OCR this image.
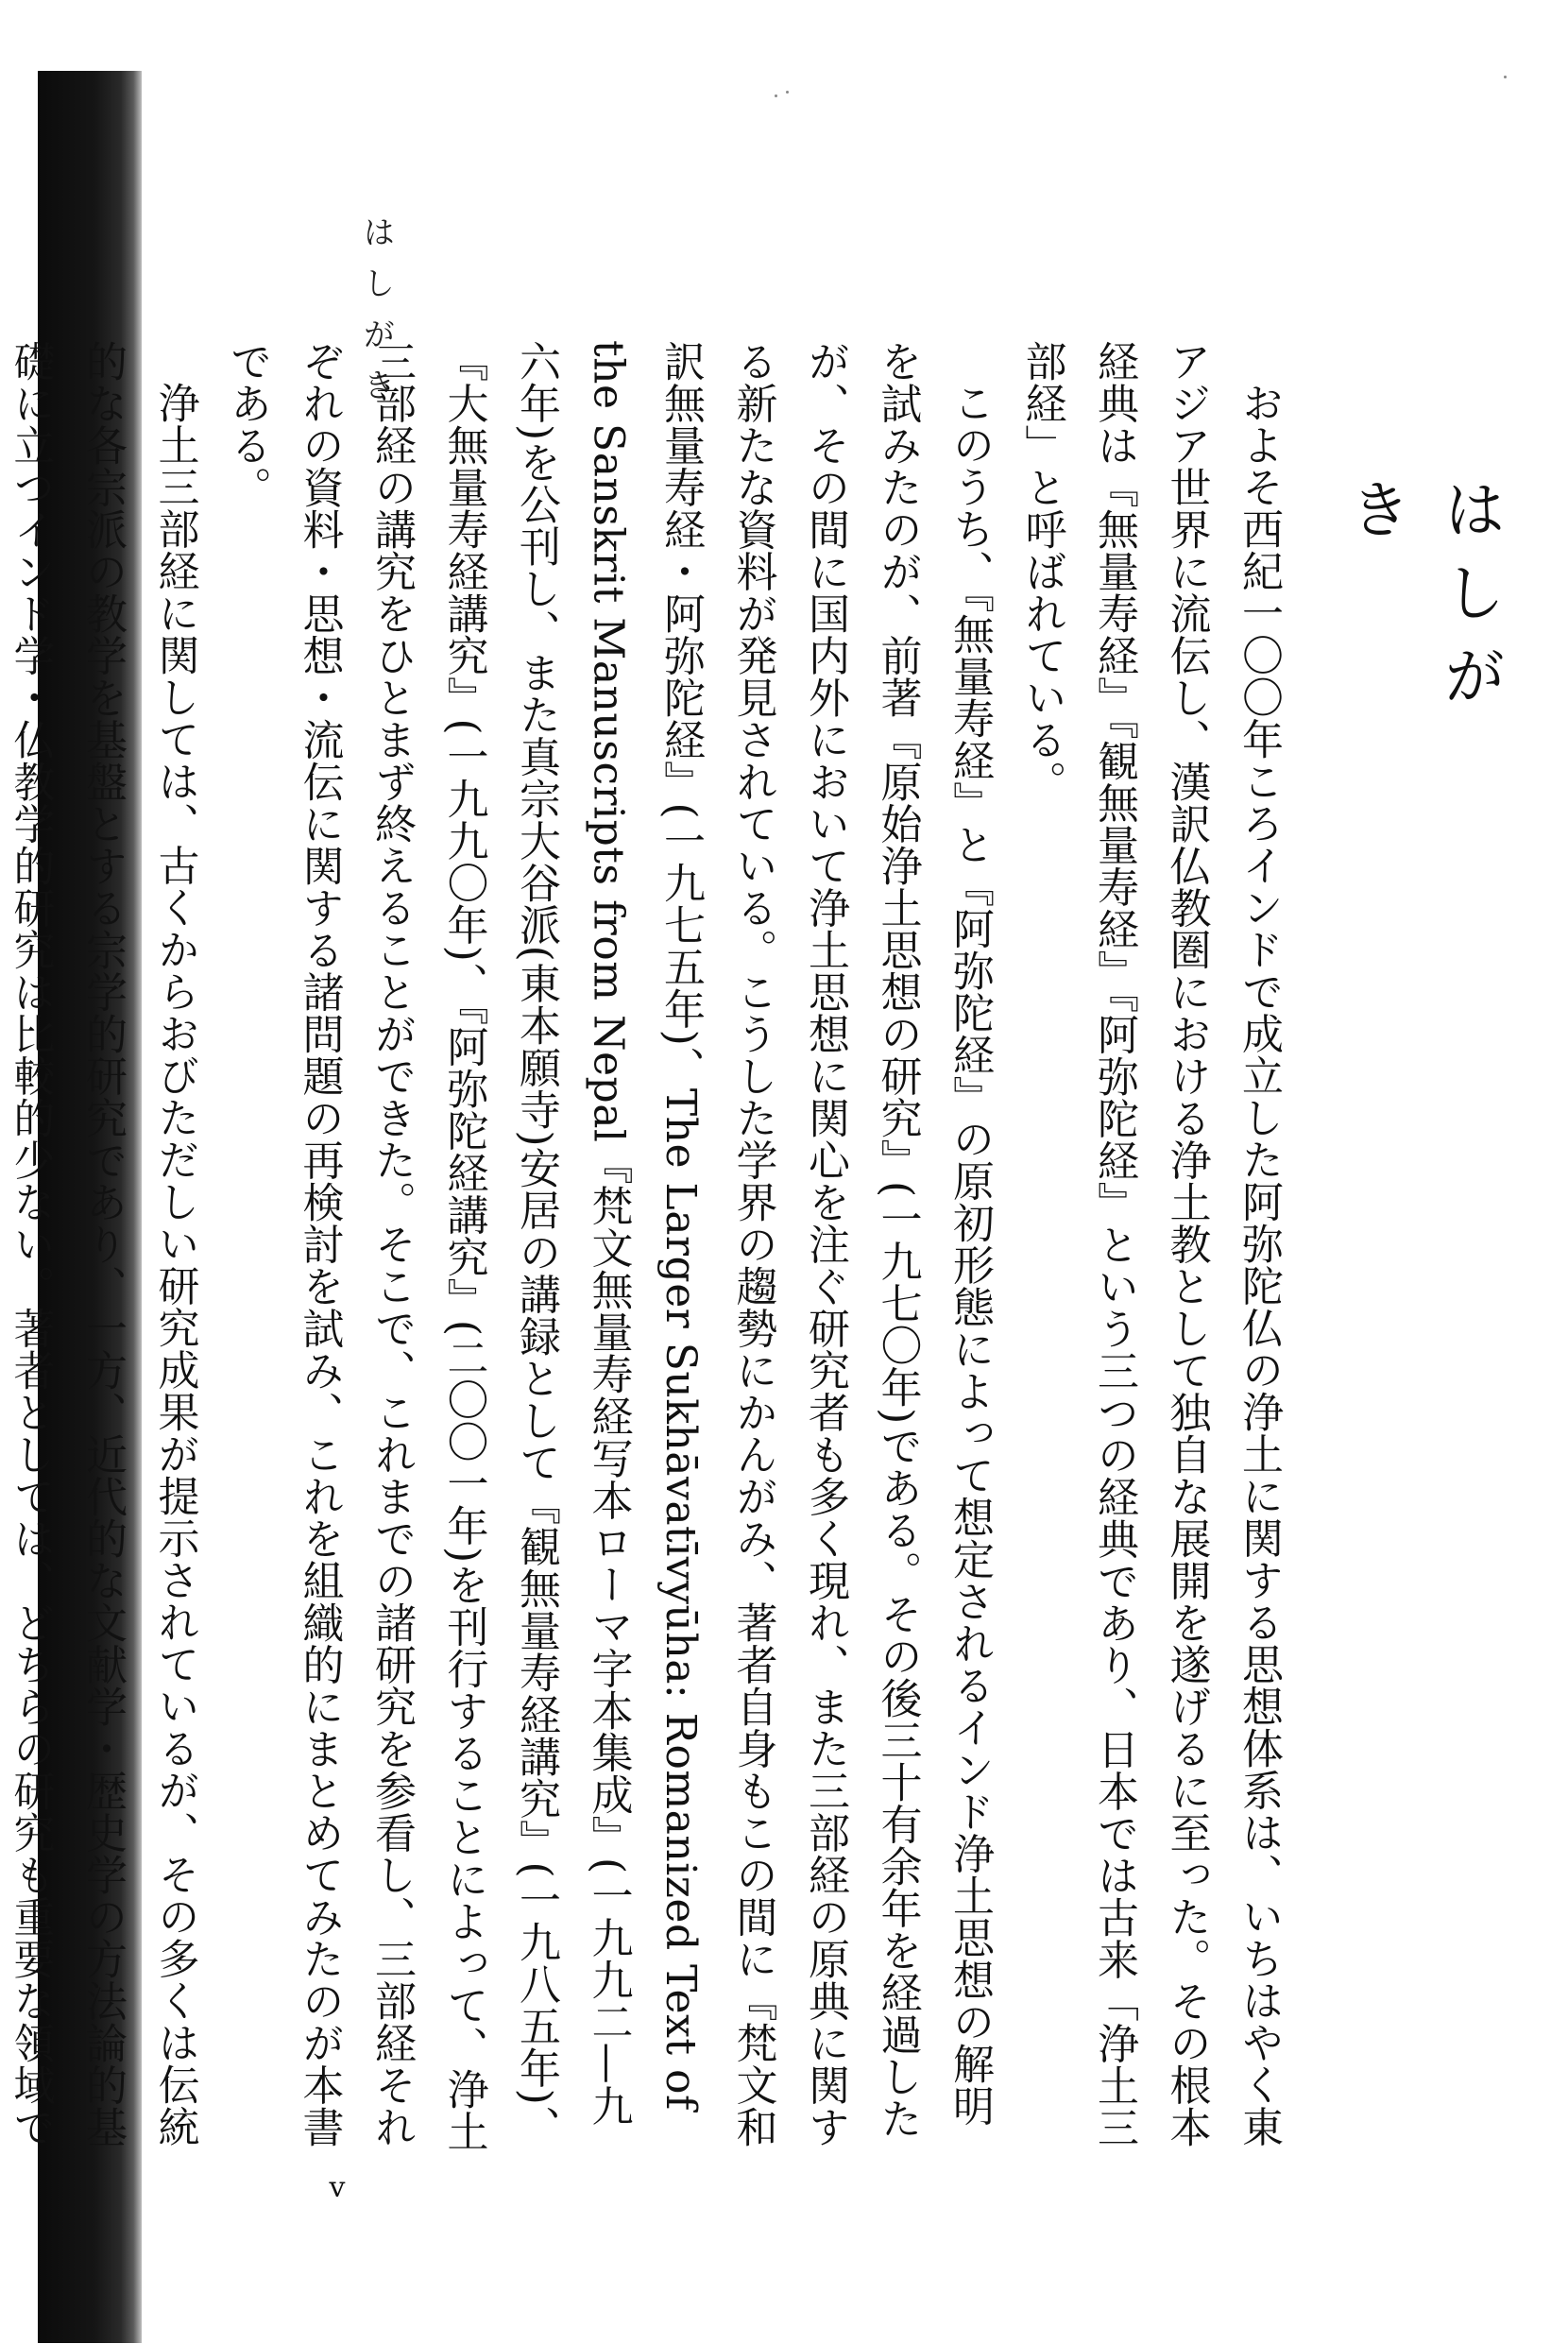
はしがき
はしがき

およそ西紀一〇〇年ころインドで成立した阿弥陀仏の浄土に関する思想体系は、いちはやく東アジア世界に流伝し、漢訳仏教圏における浄土教として独自な展開を遂げるに至った。その根本経典は『無量寿経』『観無量寿経』『阿弥陀経』という三つの経典であり、日本では古来「浄土三部経」と呼ばれている。

このうち、『無量寿経』と『阿弥陀経』の原初形態によって想定されるインド浄土思想の解明を試みたのが、前著『原始浄土思想の研究』(一九七〇年)である。その後三十有余年を経過したが、その間に国内外において浄土思想に関心を注ぐ研究者も多く現れ、また三部経の原典に関する新たな資料が発見されている。こうした学界の趨勢にかんがみ、著者自身もこの間に『梵文和訳無量寿経・阿弥陀経』(一九七五年)、The Larger Sukhāvatīvyūha: Romanized Text of the Sanskrit Manuscripts from Nepal『梵文無量寿経写本ローマ字本集成』(一九九二—九六年)を公刊し、また真宗大谷派(東本願寺)安居の講録として『観無量寿経講究』(一九八五年)、『大無量寿経講究』(一九九〇年)、『阿弥陀経講究』(二〇〇一年)を刊行することによって、浄土三部経の講究をひとまず終えることができた。そこで、これまでの諸研究を参看し、三部経それぞれの資料・思想・流伝に関する諸問題の再検討を試み、これを組織的にまとめてみたのが本書である。

浄土三部経に関しては、古くからおびただしい研究成果が提示されているが、その多くは伝統的な各宗派の教学を基盤とする宗学的研究であり、一方、近代的な文献学・歴史学の方法論的基礎に立つインド学・仏教学的研究は比較的少ない。著者としては、どちらの研究も重要な領域で

v
